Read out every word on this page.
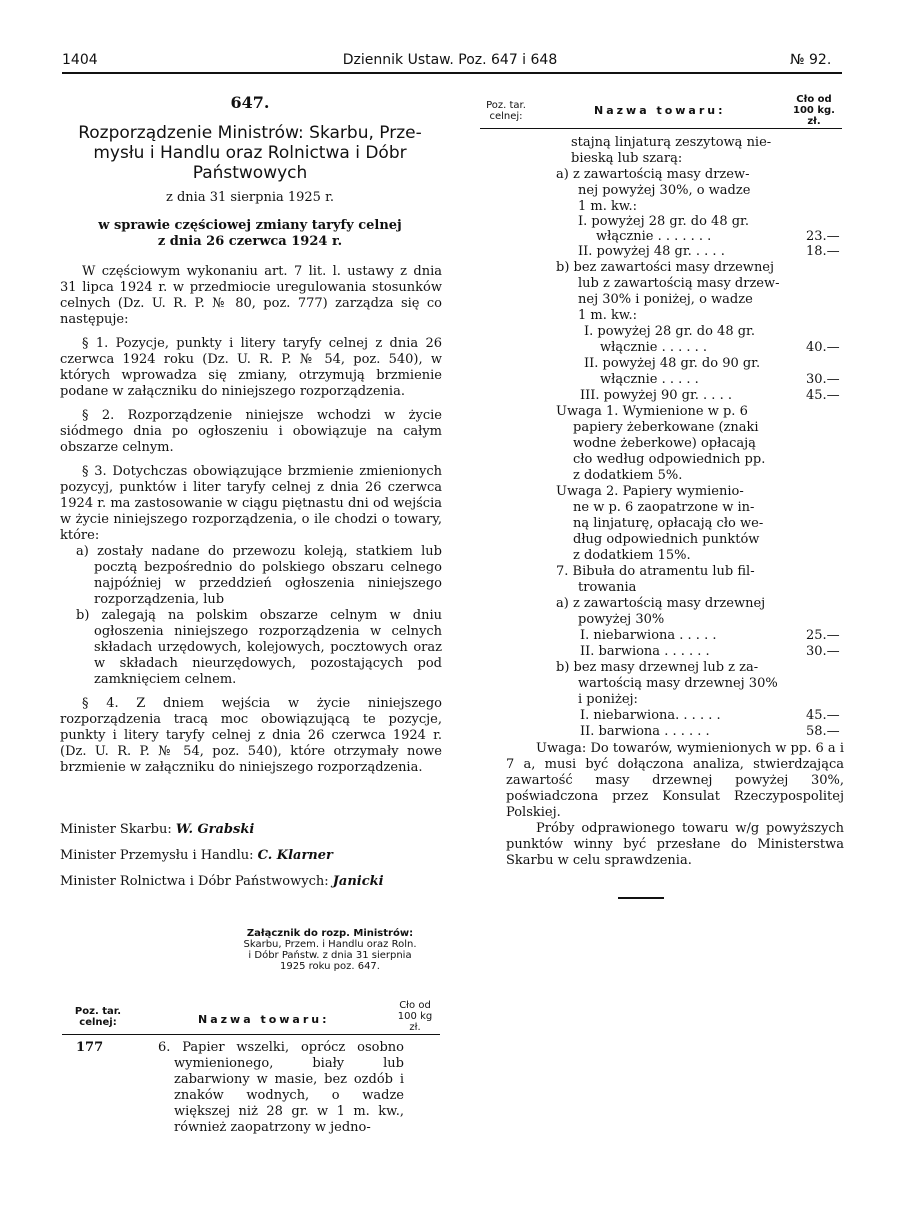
1404	Dziennik Ustaw. Poz. 647 i 648	№ 92.
647.
Rozporządzenie Ministrów: Skarbu, Prze-
mysłu i Handlu oraz Rolnictwa i Dóbr
Państwowych
z dnia 31 sierpnia 1925 r.
w sprawie częściowej zmiany taryfy celnej
z dnia 26 czerwca 1924 r.

W częściowym wykonaniu art. 7 lit. l. ustawy z dnia 31 lipca 1924 r. w przedmiocie uregulowania stosunków celnych (Dz. U. R. P. № 80, poz. 777) zarządza się co następuje:

§ 1. Pozycje, punkty i litery taryfy celnej z dnia 26 czerwca 1924 roku (Dz. U. R. P. № 54, poz. 540), w których wprowadza się zmiany, otrzymują brzmienie podane w załączniku do niniejszego rozporządzenia.

§ 2. Rozporządzenie niniejsze wchodzi w życie siódmego dnia po ogłoszeniu i obowiązuje na całym obszarze celnym.

§ 3. Dotychczas obowiązujące brzmienie zmienionych pozycyj, punktów i liter taryfy celnej z dnia 26 czerwca 1924 r. ma zastosowanie w ciągu piętnastu dni od wejścia w życie niniejszego rozporządzenia, o ile chodzi o towary, które:

a) zostały nadane do przewozu koleją, statkiem lub pocztą bezpośrednio do polskiego obszaru celnego najpóźniej w przeddzień ogłoszenia niniejszego rozporządzenia, lub

b) zalegają na polskim obszarze celnym w dniu ogłoszenia niniejszego rozporządzenia w celnych składach urzędowych, kolejowych, pocztowych oraz w składach nieurzędowych, pozostających pod zamknięciem celnem.

§ 4. Z dniem wejścia w życie niniejszego rozporządzenia tracą moc obowiązującą te pozycje, punkty i litery taryfy celnej z dnia 26 czerwca 1924 r. (Dz. U. R. P. № 54, poz. 540), które otrzymały nowe brzmienie w załączniku do niniejszego rozporządzenia.

Minister Skarbu: W. Grabski
Minister Przemysłu i Handlu: C. Klarner
Minister Rolnictwa i Dóbr Państwowych: Janicki
Załącznik do rozp. Ministrów:
Skarbu, Przem. i Handlu oraz Roln.
i Dóbr Państw. z dnia 31 sierpnia
1925 roku poz. 647.
Poz. tar.
celnej:	Nazwa towaru:
Cło od
100 kg
zł.
177	6. Papier wszelki, oprócz osobno wymienionego, biały lub zabarwiony w masie, bez ozdób i znaków wodnych, o wadze większej niż 28 gr. w 1 m. kw., również zaopatrzony w jedno-
Poz. tar.
celnej:	Nazwa towaru:
Cło od
100 kg.
zł.
stajną linjaturą zeszytową nie-
bieską lub szarą:
a) z zawartością masy drzew-
nej powyżej 30%, o wadze
1 m. kw.:
I. powyżej 28 gr. do 48 gr.
włącznie . . . . . . .	23.—
II. powyżej 48 gr. . . . .	18.—
b) bez zawartości masy drzewnej
lub z zawartością masy drzew-
nej 30% i poniżej, o wadze
1 m. kw.:
I. powyżej 28 gr. do 48 gr.
włącznie . . . . . .	40.—
II. powyżej 48 gr. do 90 gr.
włącznie . . . . .	30.—
III. powyżej 90 gr. . . . .	45.—
Uwaga 1. Wymienione w p. 6
papiery żeberkowane (znaki
wodne żeberkowe) opłacają
cło według odpowiednich pp.
z dodatkiem 5%.
Uwaga 2. Papiery wymienio-
ne w p. 6 zaopatrzone w in-
ną linjaturę, opłacają cło we-
dług odpowiednich punktów
z dodatkiem 15%.
7. Bibuła do atramentu lub fil-
trowania
a) z zawartością masy drzewnej
powyżej 30%
I. niebarwiona . . . . .	25.—
II. barwiona . . . . . .	30.—
b) bez masy drzewnej lub z za-
wartością masy drzewnej 30%
i poniżej:
I. niebarwiona. . . . . .	45.—
II. barwiona . . . . . .	58.—
Uwaga: Do towarów, wymienionych w pp. 6 a i 7 a, musi być dołączona analiza, stwierdzająca zawartość masy drzewnej powyżej 30%, poświadczona przez Konsulat Rzeczypospolitej Polskiej.
Próby odprawionego towaru w/g powyższych punktów winny być przesłane do Ministerstwa Skarbu w celu sprawdzenia.
